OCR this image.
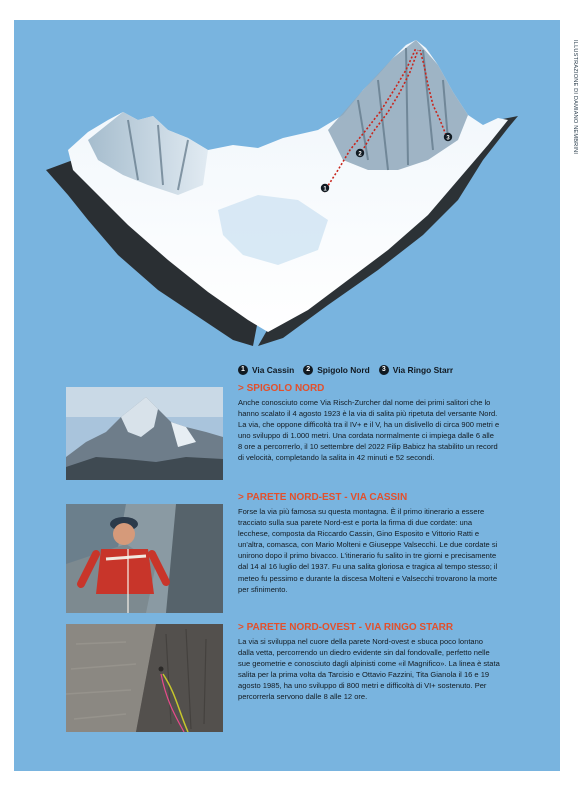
ILLUSTRAZIONE DI DAMIANO NEMBRINI
1
2
3
1 Via Cassin	2 Spigolo Nord	3 Via Ringo Starr
> SPIGOLO NORD

Anche conosciuto come Via Risch-Zurcher dal nome dei primi salitori che lo hanno scalato il 4 agosto 1923 è la via di salita più ripetuta del versante Nord. La via, che oppone difficoltà tra il IV+ e il V, ha un dislivello di circa 900 metri e uno sviluppo di 1.000 metri. Una cordata normalmente ci impiega dalle 6 alle 8 ore a percorrerlo, il 10 settembre del 2022 Filip Babicz ha stabilito un record di velocità, completando la salita in 42 minuti e 52 secondi.

> PARETE NORD-EST - VIA CASSIN

Forse la via più famosa su questa montagna. È il primo itinerario a essere tracciato sulla sua parete Nord-est e porta la firma di due cordate: una lecchese, composta da Riccardo Cassin, Gino Esposito e Vittorio Ratti e un'altra, comasca, con Mario Molteni e Giuseppe Valsecchi. Le due cordate si unirono dopo il primo bivacco. L'itinerario fu salito in tre giorni e precisamente dal 14 al 16 luglio del 1937. Fu una salita gloriosa e tragica al tempo stesso; il meteo fu pessimo e durante la discesa Molteni e Valsecchi trovarono la morte per sfinimento.

> PARETE NORD-OVEST - VIA RINGO STARR

La via si sviluppa nel cuore della parete Nord-ovest e sbuca poco lontano dalla vetta, percorrendo un diedro evidente sin dal fondovalle, perfetto nelle sue geometrie e conosciuto dagli alpinisti come «il Magnifico». La linea è stata salita per la prima volta da Tarcisio e Ottavio Fazzini, Tita Gianola il 16 e 19 agosto 1985, ha uno sviluppo di 800 metri e difficoltà di VI+ sostenuto. Per percorrerla servono dalle 8 alle 12 ore.
